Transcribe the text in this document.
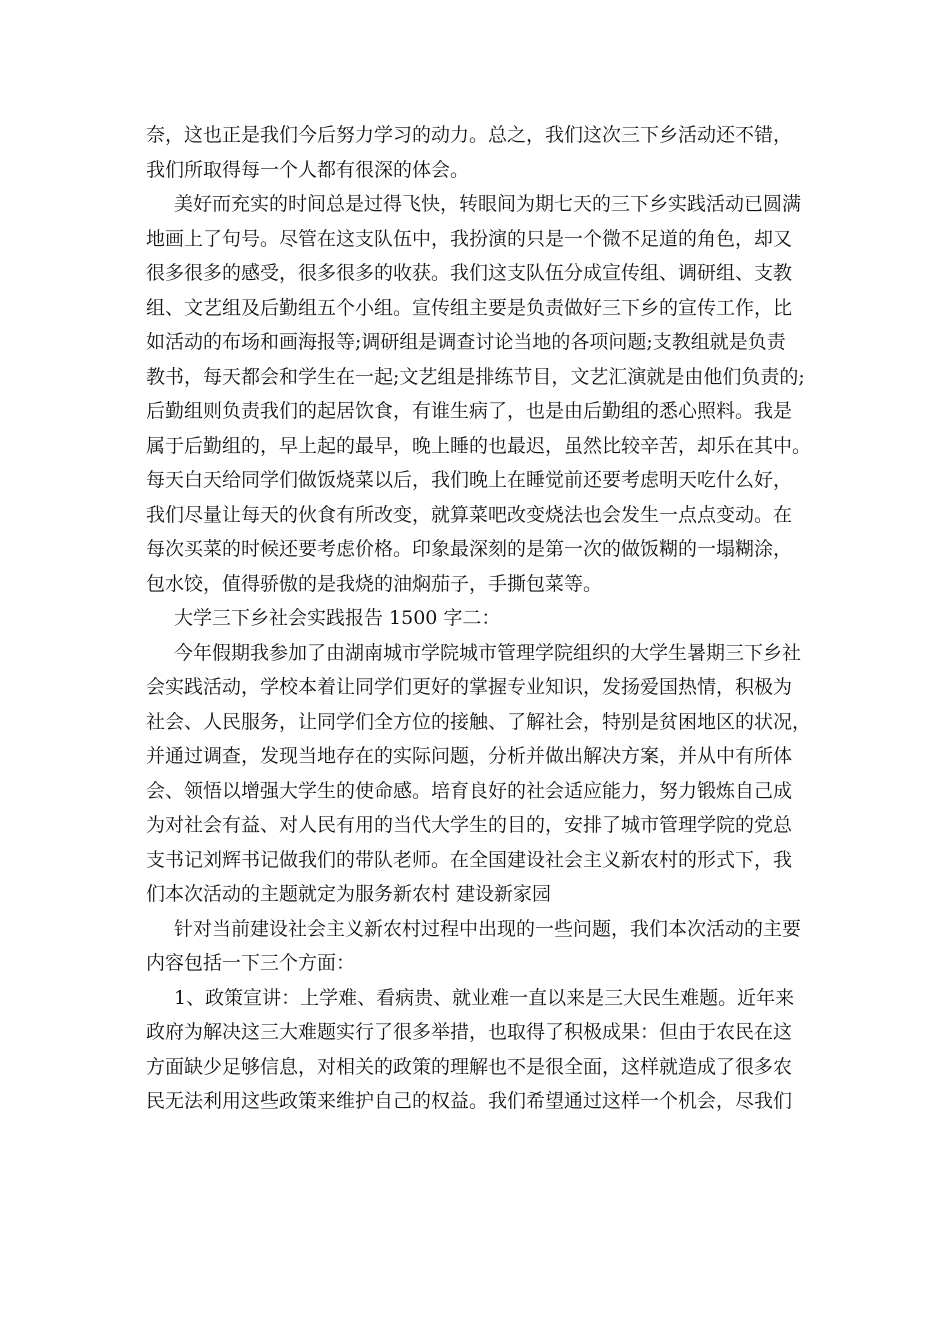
奈，这也正是我们今后努力学习的动力。总之，我们这次三下乡活动还不错，
我们所取得每一个人都有很深的体会。
美好而充实的时间总是过得飞快，转眼间为期七天的三下乡实践活动已圆满
地画上了句号。尽管在这支队伍中，我扮演的只是一个微不足道的角色，却又
很多很多的感受，很多很多的收获。我们这支队伍分成宣传组、调研组、支教
组、文艺组及后勤组五个小组。宣传组主要是负责做好三下乡的宣传工作，比
如活动的布场和画海报等;调研组是调查讨论当地的各项问题;支教组就是负责
教书，每天都会和学生在一起;文艺组是排练节目，文艺汇演就是由他们负责的;
后勤组则负责我们的起居饮食，有谁生病了，也是由后勤组的悉心照料。我是
属于后勤组的，早上起的最早，晚上睡的也最迟，虽然比较辛苦，却乐在其中。
每天白天给同学们做饭烧菜以后，我们晚上在睡觉前还要考虑明天吃什么好，
我们尽量让每天的伙食有所改变，就算菜吧改变烧法也会发生一点点变动。在
每次买菜的时候还要考虑价格。印象最深刻的是第一次的做饭糊的一塌糊涂，
包水饺，值得骄傲的是我烧的油焖茄子，手撕包菜等。
大学三下乡社会实践报告 1500 字二：
今年假期我参加了由湖南城市学院城市管理学院组织的大学生暑期三下乡社
会实践活动，学校本着让同学们更好的掌握专业知识，发扬爱国热情，积极为
社会、人民服务，让同学们全方位的接触、了解社会，特别是贫困地区的状况，
并通过调查，发现当地存在的实际问题，分析并做出解决方案，并从中有所体
会、领悟以增强大学生的使命感。培育良好的社会适应能力，努力锻炼自己成
为对社会有益、对人民有用的当代大学生的目的，安排了城市管理学院的党总
支书记刘辉书记做我们的带队老师。在全国建设社会主义新农村的形式下，我
们本次活动的主题就定为服务新农村 建设新家园
针对当前建设社会主义新农村过程中出现的一些问题，我们本次活动的主要
内容包括一下三个方面：
1、政策宣讲：上学难、看病贵、就业难一直以来是三大民生难题。近年来
政府为解决这三大难题实行了很多举措，也取得了积极成果：但由于农民在这
方面缺少足够信息，对相关的政策的理解也不是很全面，这样就造成了很多农
民无法利用这些政策来维护自己的权益。我们希望通过这样一个机会，尽我们
